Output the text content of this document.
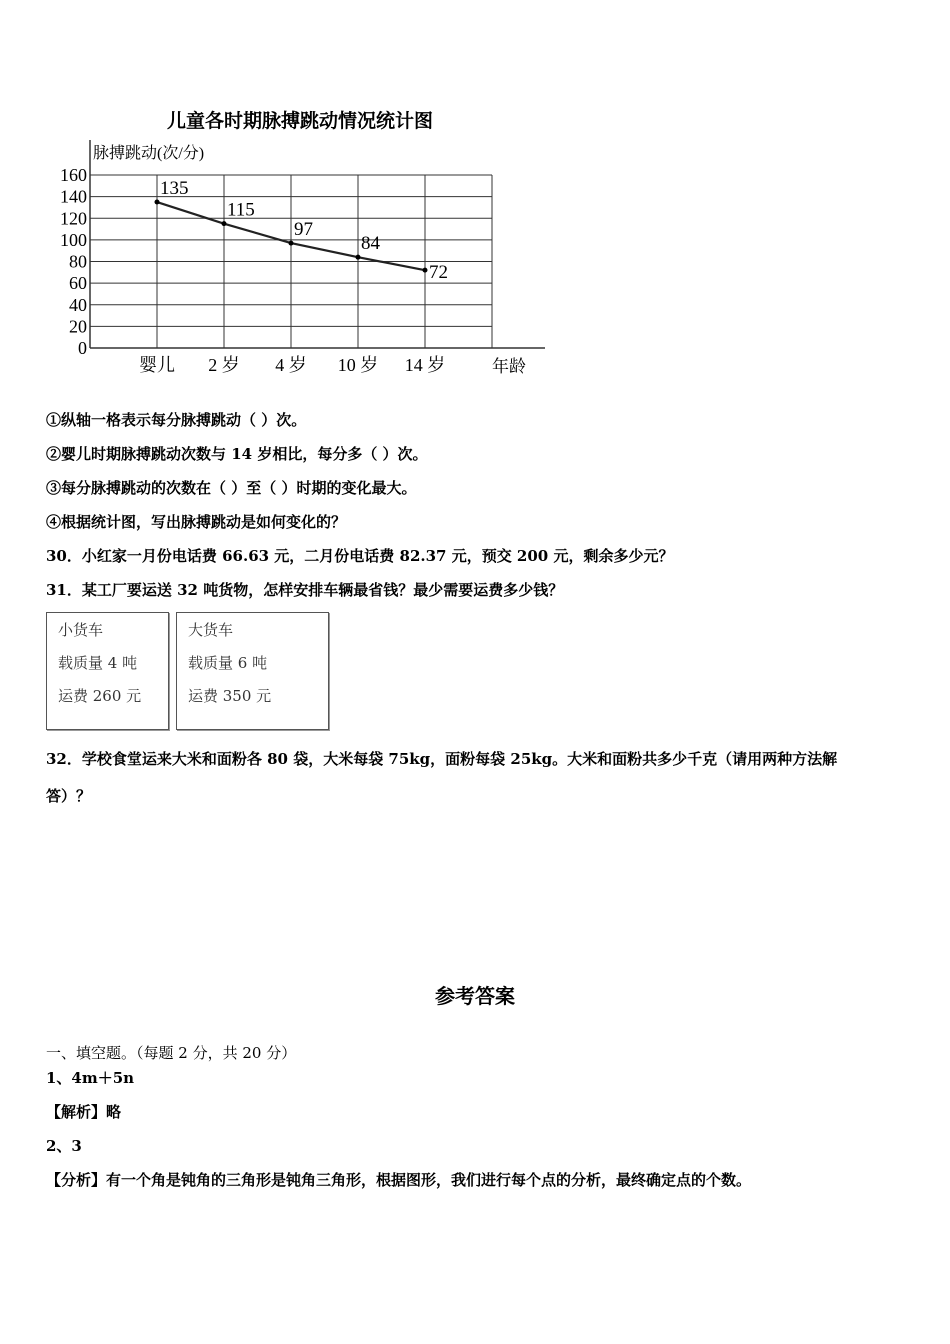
儿童各时期脉搏跳动情况统计图
脉搏跳动(次/分)
年龄
0
20
40
60
80
100
120
140
160
婴儿 2 岁 4 岁 10 岁 14 岁
135
115
97
84
72
①纵轴一格表示每分脉搏跳动（ ）次。
②婴儿时期脉搏跳动次数与 14 岁相比，每分多（ ）次。
③每分脉搏跳动的次数在（ ）至（ ）时期的变化最大。
④根据统计图，写出脉搏跳动是如何变化的？
30．小红家一月份电话费 66.63 元，二月份电话费 82.37 元，预交 200 元，剩余多少元？
31．某工厂要运送 32 吨货物，怎样安排车辆最省钱？最少需要运费多少钱？
小货车
载质量 4 吨
运费 260 元
大货车
载质量 6 吨
运费 350 元
32．学校食堂运来大米和面粉各 80 袋，大米每袋 75kg，面粉每袋 25kg。大米和面粉共多少千克（请用两种方法解
答）？
参考答案
一、填空题。（每题 2 分，共 20 分）
1、4m＋5n
【解析】略
2、3
【分析】有一个角是钝角的三角形是钝角三角形，根据图形，我们进行每个点的分析，最终确定点的个数。
